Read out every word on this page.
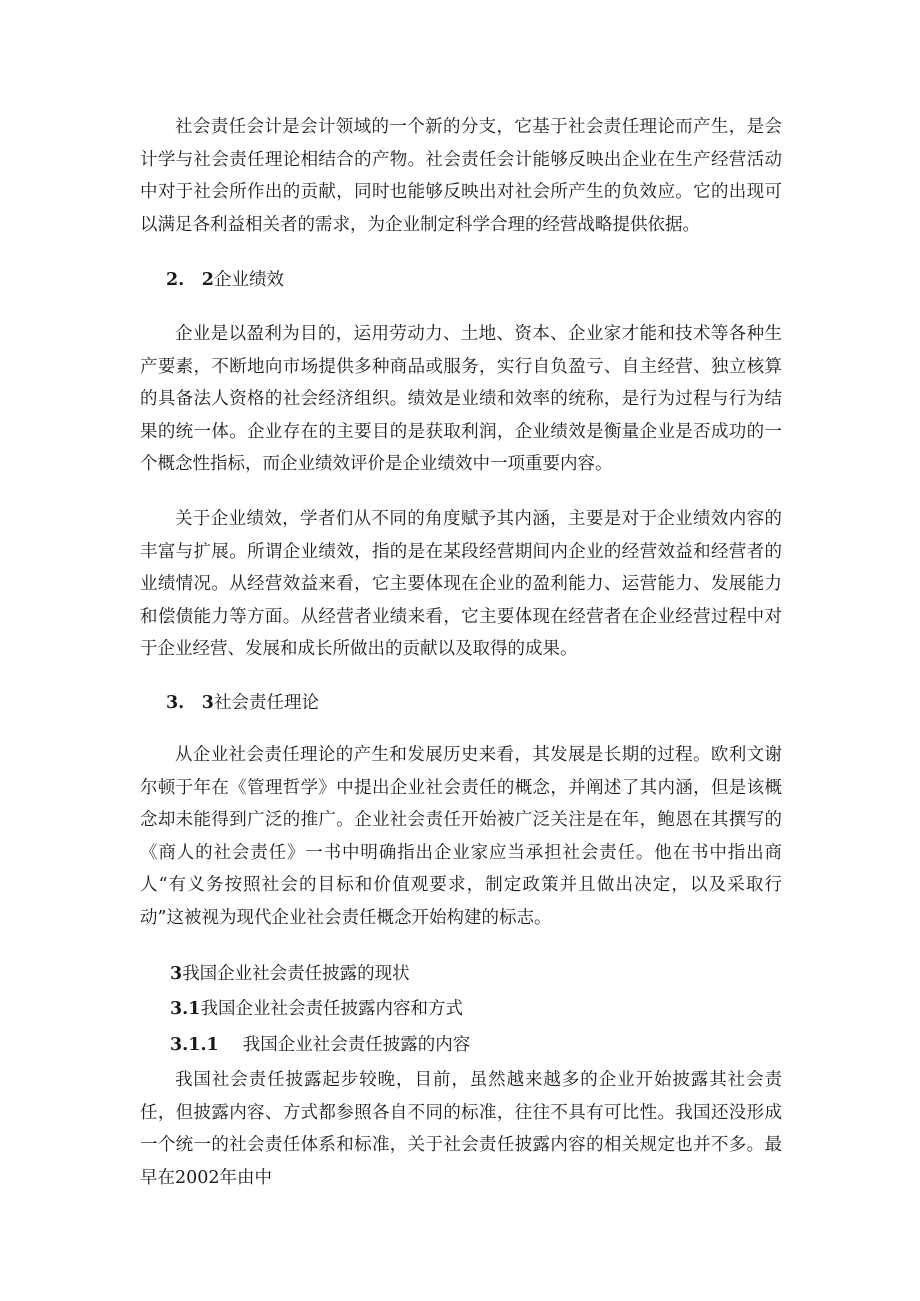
社会责任会计是会计领域的一个新的分支，它基于社会责任理论而产生，是会计学与社会责任理论相结合的产物。社会责任会计能够反映出企业在生产经营活动中对于社会所作出的贡献，同时也能够反映出对社会所产生的负效应。它的出现可以满足各利益相关者的需求，为企业制定科学合理的经营战略提供依据。

2.　2企业绩效

企业是以盈利为目的，运用劳动力、土地、资本、企业家才能和技术等各种生产要素，不断地向市场提供多种商品或服务，实行自负盈亏、自主经营、独立核算的具备法人资格的社会经济组织。绩效是业绩和效率的统称，是行为过程与行为结果的统一体。企业存在的主要目的是获取利润，企业绩效是衡量企业是否成功的一个概念性指标，而企业绩效评价是企业绩效中一项重要内容。

关于企业绩效，学者们从不同的角度赋予其内涵，主要是对于企业绩效内容的丰富与扩展。所谓企业绩效，指的是在某段经营期间内企业的经营效益和经营者的业绩情况。从经营效益来看，它主要体现在企业的盈利能力、运营能力、发展能力和偿债能力等方面。从经营者业绩来看，它主要体现在经营者在企业经营过程中对于企业经营、发展和成长所做出的贡献以及取得的成果。

3.　3社会责任理论

从企业社会责任理论的产生和发展历史来看，其发展是长期的过程。欧利文谢尔顿于年在《管理哲学》中提出企业社会责任的概念，并阐述了其内涵，但是该概念却未能得到广泛的推广。企业社会责任开始被广泛关注是在年，鲍恩在其撰写的《商人的社会责任》一书中明确指出企业家应当承担社会责任。他在书中指出商人“有义务按照社会的目标和价值观要求，制定政策并且做出决定，以及采取行动”这被视为现代企业社会责任概念开始构建的标志。

3我国企业社会责任披露的现状
3.1我国企业社会责任披露内容和方式
3.1.1 我国企业社会责任披露的内容

我国社会责任披露起步较晚，目前，虽然越来越多的企业开始披露其社会责任，但披露内容、方式都参照各自不同的标准，往往不具有可比性。我国还没形成一个统一的社会责任体系和标准，关于社会责任披露内容的相关规定也并不多。最早在2002年由中
